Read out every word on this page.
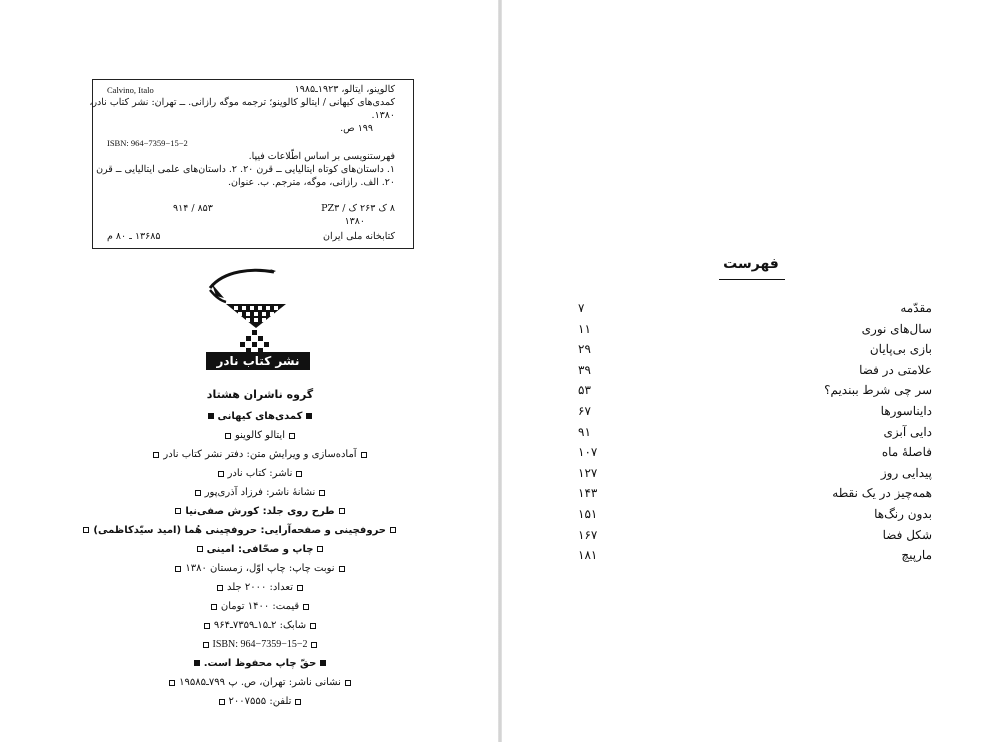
کالوینو، ایتالو، ۱۹۲۳ـ۱۹۸۵
Calvino, Italo
کمدی‌های کیهانی / ایتالو کالوینو؛ ترجمه موگه رازانی. ــ تهران: نشر کتاب نادر،
۱۳۸۰.
۱۹۹ ص.
ISBN: 964−7359−15−2
فهرستنویسی بر اساس اطّلاعات فیپا.
۱. داستان‌های کوتاه ایتالیایی ــ قرن ۲۰. ۲. داستان‌های علمی ایتالیایی ــ قرن
۲۰. الف. رازانی، موگه، مترجم. ب. عنوان.
۸ ک ۲۶۳ ک / PZ۳
۸۵۳ / ۹۱۴
۱۳۸۰
کتابخانه ملی ایران
۱۳۶۸۵ ـ ۸۰ م
نشر کتاب نادر
گروه ناشران هشتاد
کمدی‌های کیهانی
ایتالو کالوینو
آماده‌سازی و ویرایش متن: دفتر نشر کتاب نادر
ناشر: کتاب نادر
نشانهٔ ناشر: فرزاد آذری‌پور
طرح روی جلد: کورش صفی‌نیا
حروفچینی و صفحه‌آرایی: حروفچینی هُما (امید سیّدکاظمی)
چاپ و صحّافی: امینی
نوبت چاپ: چاپ اوّل، زمستان ۱۳۸۰
تعداد: ۲۰۰۰ جلد
قیمت: ۱۴۰۰ تومان
شابک: ۲ـ۱۵ـ۷۳۵۹ـ۹۶۴
ISBN: 964−7359−15−2
حقّ چاپ محفوظ است.
نشانی ناشر: تهران، ص. پ ۷۹۹ـ۱۹۵۸۵
تلفن: ۲۰۰۷۵۵۵
فهرست
مقدّمه
۷
سال‌های نوری
۱۱
بازی بی‌پایان
۲۹
علامتی در فضا
۳۹
سر چی شرط ببندیم؟
۵۳
دایناسورها
۶۷
دایی آبزی
۹۱
فاصلهٔ ماه
۱۰۷
پیدایی روز
۱۲۷
همه‌چیز در یک نقطه
۱۴۳
بدون رنگ‌ها
۱۵۱
شکل فضا
۱۶۷
مارپیچ
۱۸۱
